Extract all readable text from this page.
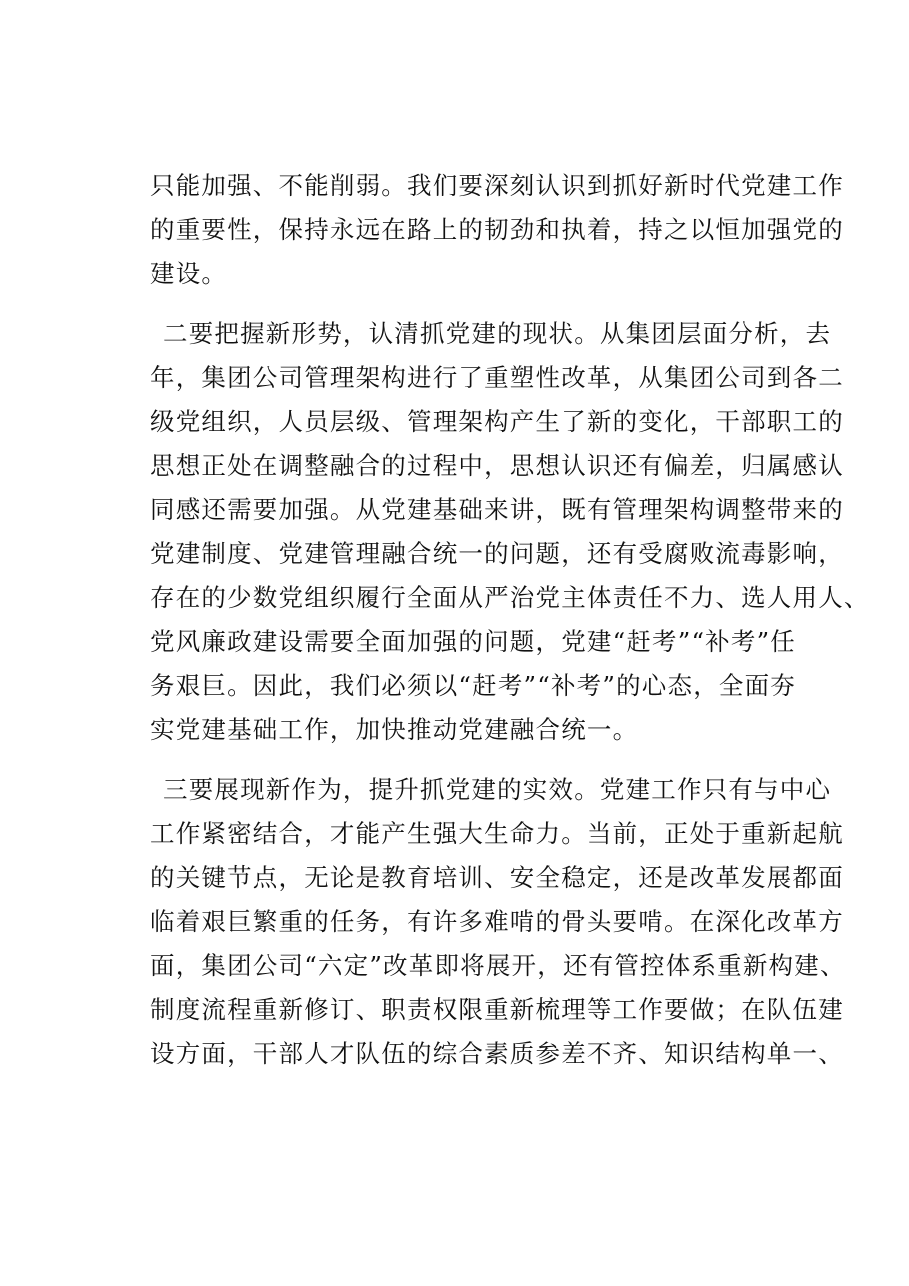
只能加强、不能削弱。我们要深刻认识到抓好新时代党建工作
的重要性，保持永远在路上的韧劲和执着，持之以恒加强党的
建设。
二要把握新形势，认清抓党建的现状。从集团层面分析，去
年，集团公司管理架构进行了重塑性改革，从集团公司到各二
级党组织，人员层级、管理架构产生了新的变化，干部职工的
思想正处在调整融合的过程中，思想认识还有偏差，归属感认
同感还需要加强。从党建基础来讲，既有管理架构调整带来的
党建制度、党建管理融合统一的问题，还有受腐败流毒影响，
存在的少数党组织履行全面从严治党主体责任不力、选人用人、
党风廉政建设需要全面加强的问题，党建“赶考”“补考”任
务艰巨。因此，我们必须以“赶考”“补考”的心态，全面夯
实党建基础工作，加快推动党建融合统一。
三要展现新作为，提升抓党建的实效。党建工作只有与中心
工作紧密结合，才能产生强大生命力。当前，正处于重新起航
的关键节点，无论是教育培训、安全稳定，还是改革发展都面
临着艰巨繁重的任务，有许多难啃的骨头要啃。在深化改革方
面，集团公司“六定”改革即将展开，还有管控体系重新构建、
制度流程重新修订、职责权限重新梳理等工作要做；在队伍建
设方面，干部人才队伍的综合素质参差不齐、知识结构单一、
